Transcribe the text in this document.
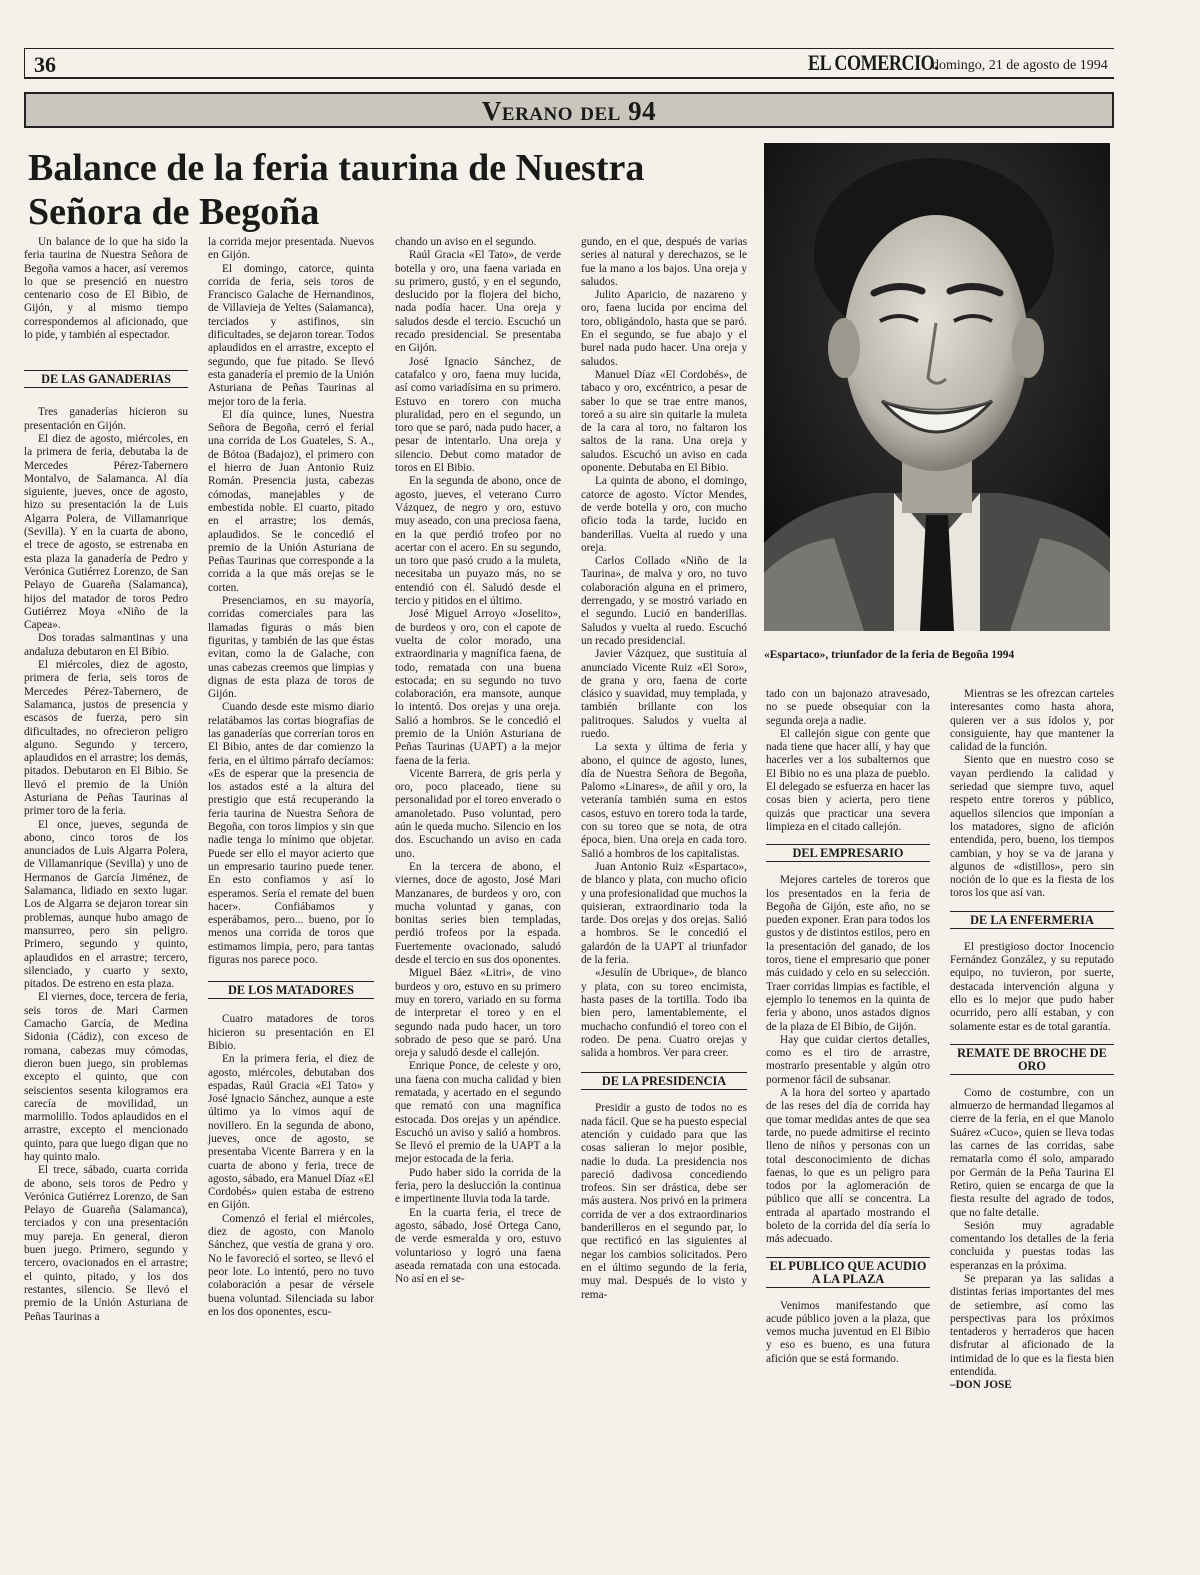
36	EL COMERCIO.
domingo, 21 de agosto de 1994
Verano del 94
Balance de la feria taurina de Nuestra Señora de Begoña
«Espartaco», triunfador de la feria de Begoña 1994

Un balance de lo que ha sido la feria taurina de Nuestra Señora de Begoña vamos a hacer, así veremos lo que se presenció en nuestro centenario coso de El Bibio, de Gijón, y al mismo tiempo correspondemos al aficionado, que lo pide, y también al espectador.

DE LAS GANADERIAS

Tres ganaderías hicieron su presentación en Gijón.

El diez de agosto, miércoles, en la primera de feria, debutaba la de Mercedes Pérez-Tabernero Montalvo, de Salamanca. Al día siguiente, jueves, once de agosto, hizo su presentación la de Luis Algarra Polera, de Villamanrique (Sevilla). Y en la cuarta de abono, el trece de agosto, se estrenaba en esta plaza la ganadería de Pedro y Verónica Gutiérrez Lorenzo, de San Pelayo de Guareña (Salamanca), hijos del matador de toros Pedro Gutiérrez Moya «Niño de la Capea».

Dos toradas salmantinas y una andaluza debutaron en El Bibio.

El miércoles, diez de agosto, primera de feria, seis toros de Mercedes Pérez-Tabernero, de Salamanca, justos de presencia y escasos de fuerza, pero sin dificultades, no ofrecieron peligro alguno. Segundo y tercero, aplaudidos en el arrastre; los demás, pitados. Debutaron en El Bibio. Se llevó el premio de la Unión Asturiana de Peñas Taurinas al primer toro de la feria.

El once, jueves, segunda de abono, cinco toros de los anunciados de Luis Algarra Polera, de Villamanrique (Sevilla) y uno de Hermanos de García Jiménez, de Salamanca, lidiado en sexto lugar. Los de Algarra se dejaron torear sin problemas, aunque hubo amago de mansurreo, pero sin peligro. Primero, segundo y quinto, aplaudidos en el arrastre; tercero, silenciado, y cuarto y sexto, pitados. De estreno en esta plaza.

El viernes, doce, tercera de feria, seis toros de Mari Carmen Camacho García, de Medina Sidonia (Cádiz), con exceso de romana, cabezas muy cómodas, dieron buen juego, sin problemas excepto el quinto, que con seiscientos sesenta kilogramos era carecía de movilidad, un marmolillo. Todos aplaudidos en el arrastre, excepto el mencionado quinto, para que luego digan que no hay quinto malo.

El trece, sábado, cuarta corrida de abono, seis toros de Pedro y Verónica Gutiérrez Lorenzo, de San Pelayo de Guareña (Salamanca), terciados y con una presentación muy pareja. En general, dieron buen juego. Primero, segundo y tercero, ovacionados en el arrastre; el quinto, pitado, y los dos restantes, silencio. Se llevó el premio de la Unión Asturiana de Peñas Taurinas a

la corrida mejor presentada. Nuevos en Gijón.

El domingo, catorce, quinta corrida de feria, seis toros de Francisco Galache de Hernandinos, de Villavieja de Yeltes (Salamanca), terciados y astifinos, sin dificultades, se dejaron torear. Todos aplaudidos en el arrastre, excepto el segundo, que fue pitado. Se llevó esta ganadería el premio de la Unión Asturiana de Peñas Taurinas al mejor toro de la feria.

El día quince, lunes, Nuestra Señora de Begoña, cerró el ferial una corrida de Los Guateles, S. A., de Bótoa (Badajoz), el primero con el hierro de Juan Antonio Ruiz Román. Presencia justa, cabezas cómodas, manejables y de embestida noble. El cuarto, pitado en el arrastre; los demás, aplaudidos. Se le concedió el premio de la Unión Asturiana de Peñas Taurinas que corresponde a la corrida a la que más orejas se le corten.

Presenciamos, en su mayoría, corridas comerciales para las llamadas figuras o más bien figuritas, y también de las que éstas evitan, como la de Galache, con unas cabezas creemos que limpias y dignas de esta plaza de toros de Gijón.

Cuando desde este mismo diario relatábamos las cortas biografías de las ganaderías que correrían toros en El Bibio, antes de dar comienzo la feria, en el último párrafo decíamos: «Es de esperar que la presencia de los astados esté a la altura del prestigio que está recuperando la feria taurina de Nuestra Señora de Begoña, con toros limpios y sin que nadie tenga lo mínimo que objetar. Puede ser ello el mayor acierto que un empresario taurino puede tener. En esto confiamos y así lo esperamos. Sería el remate del buen hacer». Confiábamos y esperábamos, pero... bueno, por lo menos una corrida de toros que estimamos limpia, pero, para tantas figuras nos parece poco.

DE LOS MATADORES

Cuatro matadores de toros hicieron su presentación en El Bibio.

En la primera feria, el diez de agosto, miércoles, debutaban dos espadas, Raúl Gracia «El Tato» y José Ignacio Sánchez, aunque a este último ya lo vimos aquí de novillero. En la segunda de abono, jueves, once de agosto, se presentaba Vicente Barrera y en la cuarta de abono y feria, trece de agosto, sábado, era Manuel Díaz «El Cordobés» quien estaba de estreno en Gijón.

Comenzó el ferial el miércoles, diez de agosto, con Manolo Sánchez, que vestía de grana y oro. No le favoreció el sorteo, se llevó el peor lote. Lo intentó, pero no tuvo colaboración a pesar de vérsele buena voluntad. Silenciada su labor en los dos oponentes, escu-

chando un aviso en el segundo.

Raúl Gracia «El Tato», de verde botella y oro, una faena variada en su primero, gustó, y en el segundo, deslucido por la flojera del bicho, nada podía hacer. Una oreja y saludos desde el tercio. Escuchó un recado presidencial. Se presentaba en Gijón.

José Ignacio Sánchez, de catafalco y oro, faena muy lucida, así como variadísima en su primero. Estuvo en torero con mucha pluralidad, pero en el segundo, un toro que se paró, nada pudo hacer, a pesar de intentarlo. Una oreja y silencio. Debut como matador de toros en El Bibio.

En la segunda de abono, once de agosto, jueves, el veterano Curro Vázquez, de negro y oro, estuvo muy aseado, con una preciosa faena, en la que perdió trofeo por no acertar con el acero. En su segundo, un toro que pasó crudo a la muleta, necesitaba un puyazo más, no se entendió con él. Saludó desde el tercio y pitidos en el último.

José Miguel Arroyo «Joselito», de burdeos y oro, con el capote de vuelta de color morado, una extraordinaria y magnífica faena, de todo, rematada con una buena estocada; en su segundo no tuvo colaboración, era mansote, aunque lo intentó. Dos orejas y una oreja. Salió a hombros. Se le concedió el premio de la Unión Asturiana de Peñas Taurinas (UAPT) a la mejor faena de la feria.

Vicente Barrera, de gris perla y oro, poco placeado, tiene su personalidad por el toreo enverado o amanoletado. Puso voluntad, pero aún le queda mucho. Silencio en los dos. Escuchando un aviso en cada uno.

En la tercera de abono, el viernes, doce de agosto, José Mari Manzanares, de burdeos y oro, con mucha voluntad y ganas, con bonitas series bien templadas, perdió trofeos por la espada. Fuertemente ovacionado, saludó desde el tercio en sus dos oponentes.

Miguel Báez «Litri», de vino burdeos y oro, estuvo en su primero muy en torero, variado en su forma de interpretar el toreo y en el segundo nada pudo hacer, un toro sobrado de peso que se paró. Una oreja y saludó desde el callejón.

Enrique Ponce, de celeste y oro, una faena con mucha calidad y bien rematada, y acertado en el segundo que remató con una magnífica estocada. Dos orejas y un apéndice. Escuchó un aviso y salió a hombros. Se llevó el premio de la UAPT a la mejor estocada de la feria.

Pudo haber sido la corrida de la feria, pero la deslucción la continua e impertinente lluvia toda la tarde.

En la cuarta feria, el trece de agosto, sábado, José Ortega Cano, de verde esmeralda y oro, estuvo voluntarioso y logró una faena aseada rematada con una estocada. No así en el se-

gundo, en el que, después de varias series al natural y derechazos, se le fue la mano a los bajos. Una oreja y saludos.

Julito Aparicio, de nazareno y oro, faena lucida por encima del toro, obligándolo, hasta que se paró. En el segundo, se fue abajo y el burel nada pudo hacer. Una oreja y saludos.

Manuel Díaz «El Cordobés», de tabaco y oro, excéntrico, a pesar de saber lo que se trae entre manos, toreó a su aire sin quitarle la muleta de la cara al toro, no faltaron los saltos de la rana. Una oreja y saludos. Escuchó un aviso en cada oponente. Debutaba en El Bibio.

La quinta de abono, el domingo, catorce de agosto. Víctor Mendes, de verde botella y oro, con mucho oficio toda la tarde, lucido en banderillas. Vuelta al ruedo y una oreja.

Carlos Collado «Niño de la Taurina», de malva y oro, no tuvo colaboración alguna en el primero, derrengado, y se mostró variado en el segundo. Lució en banderillas. Saludos y vuelta al ruedo. Escuchó un recado presidencial.

Javier Vázquez, que sustituía al anunciado Vicente Ruiz «El Soro», de grana y oro, faena de corte clásico y suavidad, muy templada, y también brillante con los palitroques. Saludos y vuelta al ruedo.

La sexta y última de feria y abono, el quince de agosto, lunes, día de Nuestra Señora de Begoña, Palomo «Linares», de añil y oro, la veteranía también suma en estos casos, estuvo en torero toda la tarde, con su toreo que se nota, de otra época, bien. Una oreja en cada toro. Salió a hombros de los capitalistas.

Juan Antonio Ruiz «Espartaco», de blanco y plata, con mucho oficio y una profesionalidad que muchos la quisieran, extraordinario toda la tarde. Dos orejas y dos orejas. Salió a hombros. Se le concedió el galardón de la UAPT al triunfador de la feria.

«Jesulín de Ubrique», de blanco y plata, con su toreo encimista, hasta pases de la tortilla. Todo iba bien pero, lamentablemente, el muchacho confundió el toreo con el rodeo. De pena. Cuatro orejas y salida a hombros. Ver para creer.

DE LA PRESIDENCIA

Presidir a gusto de todos no es nada fácil. Que se ha puesto especial atención y cuidado para que las cosas salieran lo mejor posible, nadie lo duda. La presidencia nos pareció dadivosa concediendo trofeos. Sin ser drástica, debe ser más austera. Nos privó en la primera corrida de ver a dos extraordinarios banderilleros en el segundo par, lo que rectificó en las siguientes al negar los cambios solicitados. Pero en el último segundo de la feria, muy mal. Después de lo visto y rema-

tado con un bajonazo atravesado, no se puede obsequiar con la segunda oreja a nadie.

El callejón sigue con gente que nada tiene que hacer allí, y hay que hacerles ver a los subalternos que El Bibio no es una plaza de pueblo. El delegado se esfuerza en hacer las cosas bien y acierta, pero tiene quizás que practicar una severa limpieza en el citado callejón.

DEL EMPRESARIO

Mejores carteles de toreros que los presentados en la feria de Begoña de Gijón, este año, no se pueden exponer. Eran para todos los gustos y de distintos estilos, pero en la presentación del ganado, de los toros, tiene el empresario que poner más cuidado y celo en su selección. Traer corridas limpias es factible, el ejemplo lo tenemos en la quinta de feria y abono, unos astados dignos de la plaza de El Bibio, de Gijón.

Hay que cuidar ciertos detalles, como es el tiro de arrastre, mostrarlo presentable y algún otro pormenor fácil de subsanar.

A la hora del sorteo y apartado de las reses del día de corrida hay que tomar medidas antes de que sea tarde, no puede admitirse el recinto lleno de niños y personas con un total desconocimiento de dichas faenas, lo que es un peligro para todos por la aglomeración de público que allí se concentra. La entrada al apartado mostrando el boleto de la corrida del día sería lo más adecuado.

EL PUBLICO QUE ACUDIO A LA PLAZA

Venimos manifestando que acude público joven a la plaza, que vemos mucha juventud en El Bibio y eso es bueno, es una futura afición que se está formando.

Mientras se les ofrezcan carteles interesantes como hasta ahora, quieren ver a sus ídolos y, por consiguiente, hay que mantener la calidad de la función.

Siento que en nuestro coso se vayan perdiendo la calidad y seriedad que siempre tuvo, aquel respeto entre toreros y público, aquellos silencios que imponían a los matadores, signo de afición entendida, pero, bueno, los tiempos cambian, y hoy se va de jarana y algunos de «distillos», pero sin noción de lo que es la fiesta de los toros los que así van.

DE LA ENFERMERIA

El prestigioso doctor Inocencio Fernández González, y su reputado equipo, no tuvieron, por suerte, destacada intervención alguna y ello es lo mejor que pudo haber ocurrido, pero allí estaban, y con solamente estar es de total garantía.

REMATE DE BROCHE DE ORO

Como de costumbre, con un almuerzo de hermandad llegamos al cierre de la feria, en el que Manolo Suárez «Cuco», quien se lleva todas las carnes de las corridas, sabe rematarla como él solo, amparado por Germán de la Peña Taurina El Retiro, quien se encarga de que la fiesta resulte del agrado de todos, que no falte detalle.

Sesión muy agradable comentando los detalles de la feria concluida y puestas todas las esperanzas en la próxima.

Se preparan ya las salidas a distintas ferias importantes del mes de setiembre, así como las perspectivas para los próximos tentaderos y herraderos que hacen disfrutar al aficionado de la intimidad de lo que es la fiesta bien entendida.

–DON JOSE
